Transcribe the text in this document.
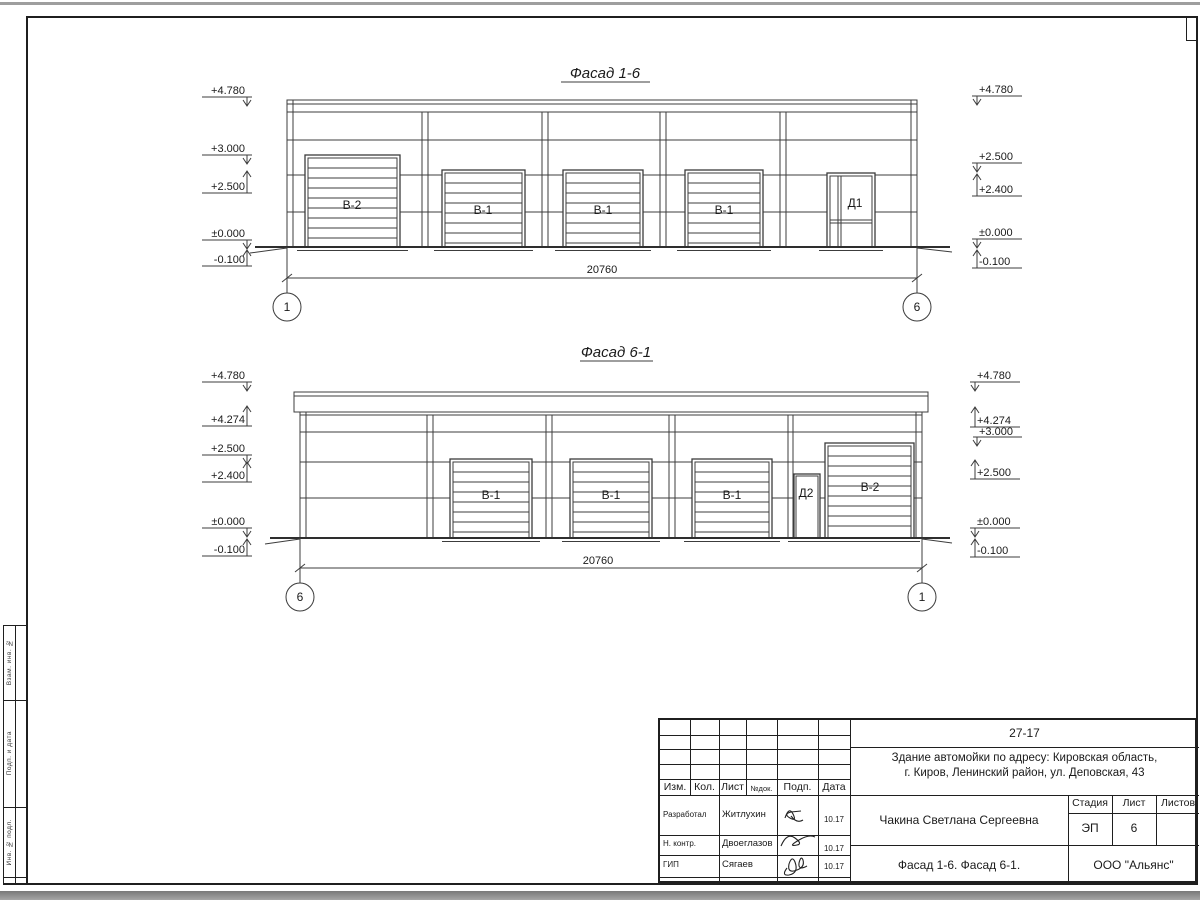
Фасад 1-6
В-2	В-1	В-1	В-1	Д1
20760
1	6
+4.780
+3.000
+2.500
±0.000
-0.100
+4.780
+2.500
+2.400
±0.000
-0.100
Фасад 6-1
В-1	В-1	В-1	Д2	В-2
20760
6	1
+4.780
+4.274
+2.500
+2.400
±0.000
-0.100
+4.780
+4.274
+3.000
+2.500
±0.000
-0.100
Взам. инв. №
Подп. и дата
Инв. № подл.
27-17
Здание автомойки по адресу: Кировская область,
г. Киров, Ленинский район, ул. Деповская, 43
Изм. Кол. Лист №док.	Подп.	Дата
Разработал Житлухин	10.17
Н. контр.	Двоеглазов	10.17
ГИП	Сягаев	10.17
Чакина Светлана Сергеевна
Стадия	Лист	Листов
ЭП	6
Фасад 1-6. Фасад 6-1.	ООО "Альянс"
